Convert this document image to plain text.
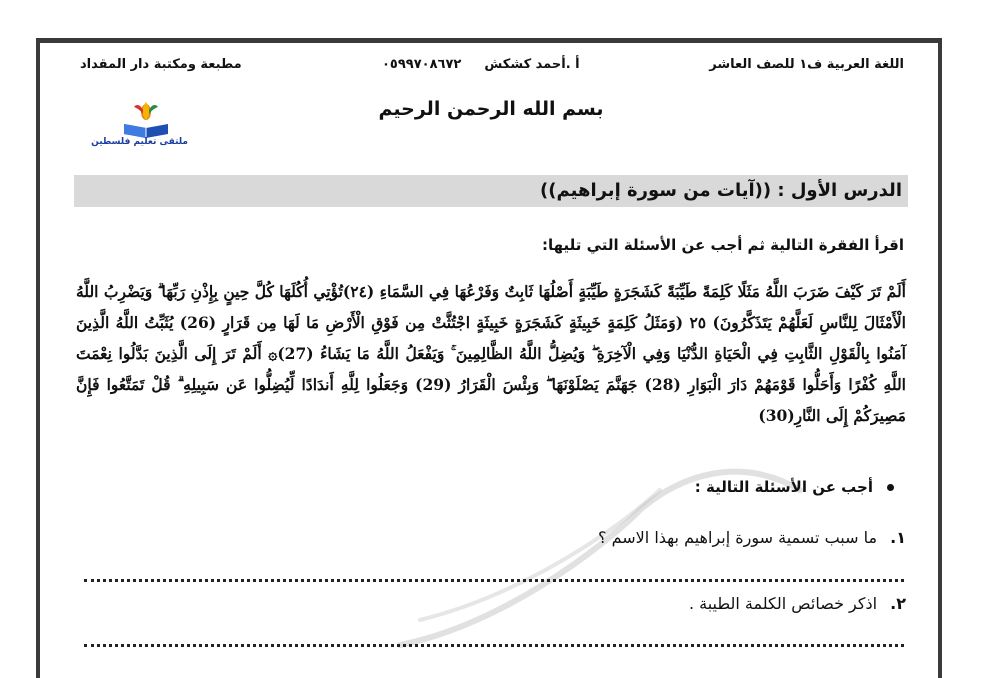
اللغة العربية ف١ للصف العاشر
أ .أحمد كشكش  ٠٥٩٩٧٠٨٦٧٢
مطبعة ومكتبة دار المقداد
بسم الله الرحمن الرحيم
ملتقى تعليم فلسطين
الدرس الأول : ((آيات من سورة إبراهيم))
اقرأ الفقرة التالية ثم أجب عن الأسئلة التي تليها:
أَلَمْ تَرَ كَيْفَ ضَرَبَ اللَّهُ مَثَلًا كَلِمَةً طَيِّبَةً كَشَجَرَةٍ طَيِّبَةٍ أَصْلُهَا ثَابِتٌ وَفَرْعُهَا فِي السَّمَاءِ (٢٤)تُؤْتِي أُكُلَهَا كُلَّ حِينٍ بِإِذْنِ رَبِّهَا ۗ وَيَضْرِبُ اللَّهُ الْأَمْثَالَ لِلنَّاسِ لَعَلَّهُمْ يَتَذَكَّرُونَ) ٢٥ (وَمَثَلُ كَلِمَةٍ خَبِيثَةٍ كَشَجَرَةٍ خَبِيثَةٍ اجْتُثَّتْ مِن فَوْقِ الْأَرْضِ مَا لَهَا مِن قَرَارٍ (26) يُثَبِّتُ اللَّهُ الَّذِينَ آمَنُوا بِالْقَوْلِ الثَّابِتِ فِي الْحَيَاةِ الدُّنْيَا وَفِي الْآخِرَةِ ۖ وَيُضِلُّ اللَّهُ الظَّالِمِينَ ۚ وَيَفْعَلُ اللَّهُ مَا يَشَاءُ (27)۞ أَلَمْ تَرَ إِلَى الَّذِينَ بَدَّلُوا نِعْمَتَ اللَّهِ كُفْرًا وَأَحَلُّوا قَوْمَهُمْ دَارَ الْبَوَارِ (28) جَهَنَّمَ يَصْلَوْنَهَا ۖ وَبِئْسَ الْقَرَارُ (29) وَجَعَلُوا لِلَّهِ أَندَادًا لِّيُضِلُّوا عَن سَبِيلِهِ ۗ قُلْ تَمَتَّعُوا فَإِنَّ مَصِيرَكُمْ إِلَى النَّارِ(30)
أجب عن الأسئلة التالية :
١. ما سبب تسمية سورة إبراهيم بهذا الاسم ؟
٢. اذكر خصائص الكلمة الطيبة .
